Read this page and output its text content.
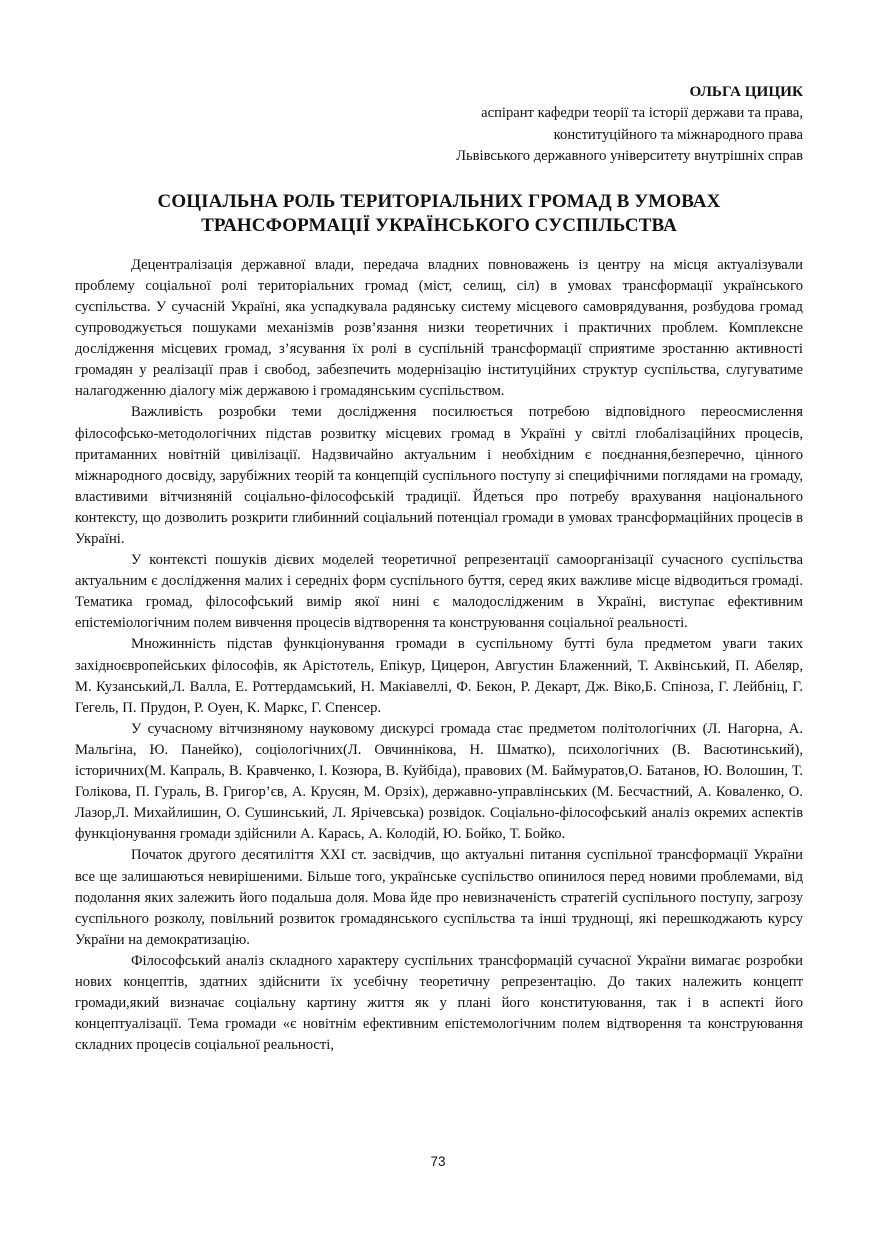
ОЛЬГА ЦИЦИК
аспірант кафедри теорії та історії держави та права,
конституційного та міжнародного права
Львівського державного університету внутрішніх справ
СОЦІАЛЬНА РОЛЬ ТЕРИТОРІАЛЬНИХ ГРОМАД В УМОВАХ
ТРАНСФОРМАЦІЇ УКРАЇНСЬКОГО СУСПІЛЬСТВА

Децентралізація державної влади, передача владних повноважень із центру на місця актуалізували проблему соціальної ролі територіальних громад (міст, селищ, сіл) в умовах трансформації українського суспільства. У сучасній Україні, яка успадкувала радянську систему місцевого самоврядування, розбудова громад супроводжується пошуками механізмів розв’язання низки теоретичних і практичних проблем. Комплексне дослідження місцевих громад, з’ясування їх ролі в суспільній трансформації сприятиме зростанню активності громадян у реалізації прав і свобод, забезпечить модернізацію інституційних структур суспільства, слугуватиме налагодженню діалогу між державою і громадянським суспільством.

Важливість розробки теми дослідження посилюється потребою відповідного переосмислення філософсько-методологічних підстав розвитку місцевих громад в Україні у світлі глобалізаційних процесів, притаманних новітній цивілізації. Надзвичайно актуальним і необхідним є поєднання,безперечно, цінного міжнародного досвіду, зарубіжних теорій та концепцій суспільного поступу зі специфічними поглядами на громаду, властивими вітчизняній соціально-філософській традиції. Йдеться про потребу врахування національного контексту, що дозволить розкрити глибинний соціальний потенціал громади в умовах трансформаційних процесів в Україні.

У контексті пошуків дієвих моделей теоретичної репрезентації самоорганізації сучасного суспільства актуальним є дослідження малих і середніх форм суспільного буття, серед яких важливе місце відводиться громаді. Тематика громад, філософський вимір якої нині є малодослідженим в Україні, виступає ефективним епістеміологічним полем вивчення процесів відтворення та конструювання соціальної реальності.

Множинність підстав функціонування громади в суспільному бутті була предметом уваги таких західноєвропейських філософів, як Арістотель, Епікур, Цицерон, Августин Блаженний, Т. Аквінський, П. Абеляр, М. Кузанський,Л. Валла, Е. Роттердамський, Н. Макіавеллі, Ф. Бекон, Р. Декарт, Дж. Віко,Б. Спіноза, Г. Лейбніц, Г. Гегель, П. Прудон, Р. Оуен, К. Маркс, Г. Спенсер.

У сучасному вітчизняному науковому дискурсі громада стає предметом політологічних (Л. Нагорна, А. Мальгіна, Ю. Панейко), соціологічних(Л. Овчиннікова, Н. Шматко), психологічних (В. Васютинський), історичних(М. Капраль, В. Кравченко, І. Козюра, В. Куйбіда), правових (М. Баймуратов,О. Батанов, Ю. Волошин, Т. Голікова, П. Гураль, В. Григор’єв, А. Крусян, М. Орзіх), державно-управлінських (М. Бесчастний, А. Коваленко, О. Лазор,Л. Михайлишин, О. Сушинський, Л. Ярічевська) розвідок. Соціально-філософський аналіз окремих аспектів функціонування громади здійснили А. Карась, А. Колодій, Ю. Бойко, Т. Бойко.

Початок другого десятиліття ХХІ ст. засвідчив, що актуальні питання суспільної трансформації України все ще залишаються невирішеними. Більше того, українське суспільство опинилося перед новими проблемами, від подолання яких залежить його подальша доля. Мова йде про невизначеність стратегій суспільного поступу, загрозу суспільного розколу, повільний розвиток громадянського суспільства та інші труднощі, які перешкоджають курсу України на демократизацію.

Філософський аналіз складного характеру суспільних трансформацій сучасної України вимагає розробки нових концептів, здатних здійснити їх усебічну теоретичну репрезентацію. До таких належить концепт громади,який визначає соціальну картину життя як у плані його конституювання, так і в аспекті його концептуалізації. Тема громади «є новітнім ефективним епістемологічним полем відтворення та конструювання складних процесів соціальної реальності,

73
